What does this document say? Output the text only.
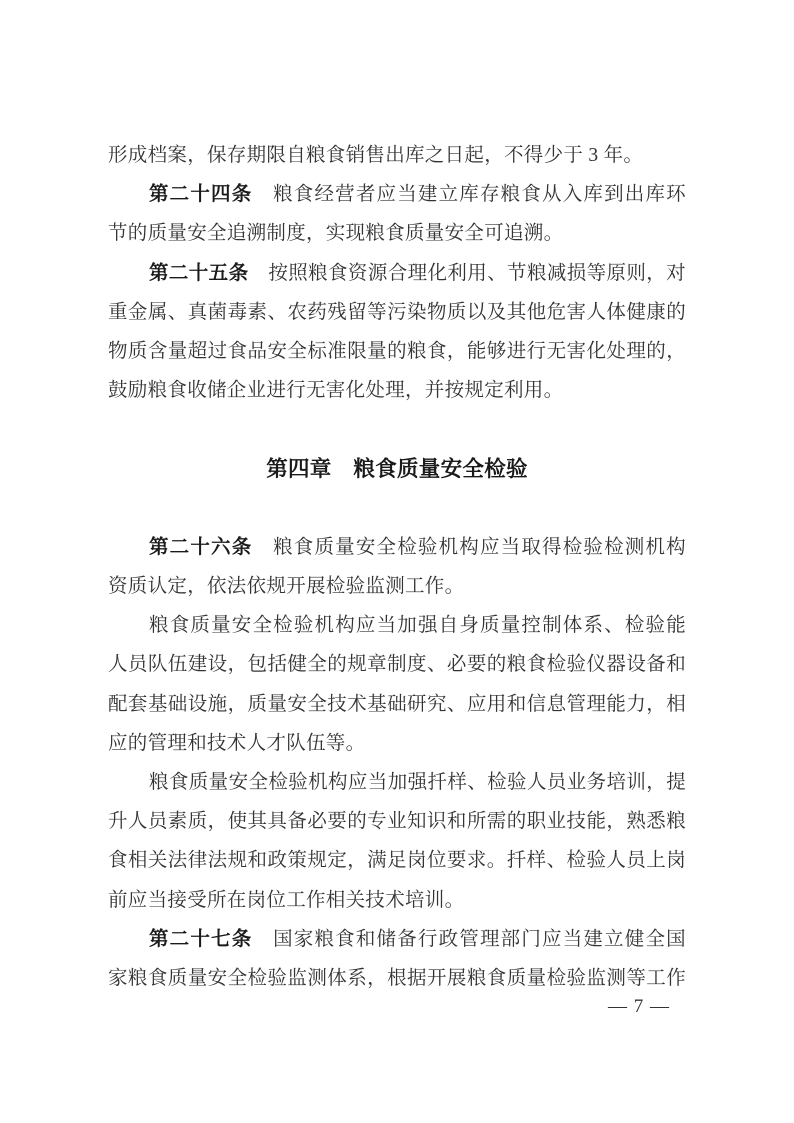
形成档案，保存期限自粮食销售出库之日起，不得少于 3 年。
第二十四条　粮食经营者应当建立库存粮食从入库到出库环
节的质量安全追溯制度，实现粮食质量安全可追溯。
第二十五条　按照粮食资源合理化利用、节粮减损等原则，对
重金属、真菌毒素、农药残留等污染物质以及其他危害人体健康的
物质含量超过食品安全标准限量的粮食，能够进行无害化处理的，
鼓励粮食收储企业进行无害化处理，并按规定利用。
第四章　粮食质量安全检验
第二十六条　粮食质量安全检验机构应当取得检验检测机构
资质认定，依法依规开展检验监测工作。
粮食质量安全检验机构应当加强自身质量控制体系、检验能
人员队伍建设，包括健全的规章制度、必要的粮食检验仪器设备和
配套基础设施，质量安全技术基础研究、应用和信息管理能力，相
应的管理和技术人才队伍等。
粮食质量安全检验机构应当加强扦样、检验人员业务培训，提
升人员素质，使其具备必要的专业知识和所需的职业技能，熟悉粮
食相关法律法规和政策规定，满足岗位要求。扦样、检验人员上岗
前应当接受所在岗位工作相关技术培训。
第二十七条　国家粮食和储备行政管理部门应当建立健全国
家粮食质量安全检验监测体系，根据开展粮食质量检验监测等工作
— 7 —
